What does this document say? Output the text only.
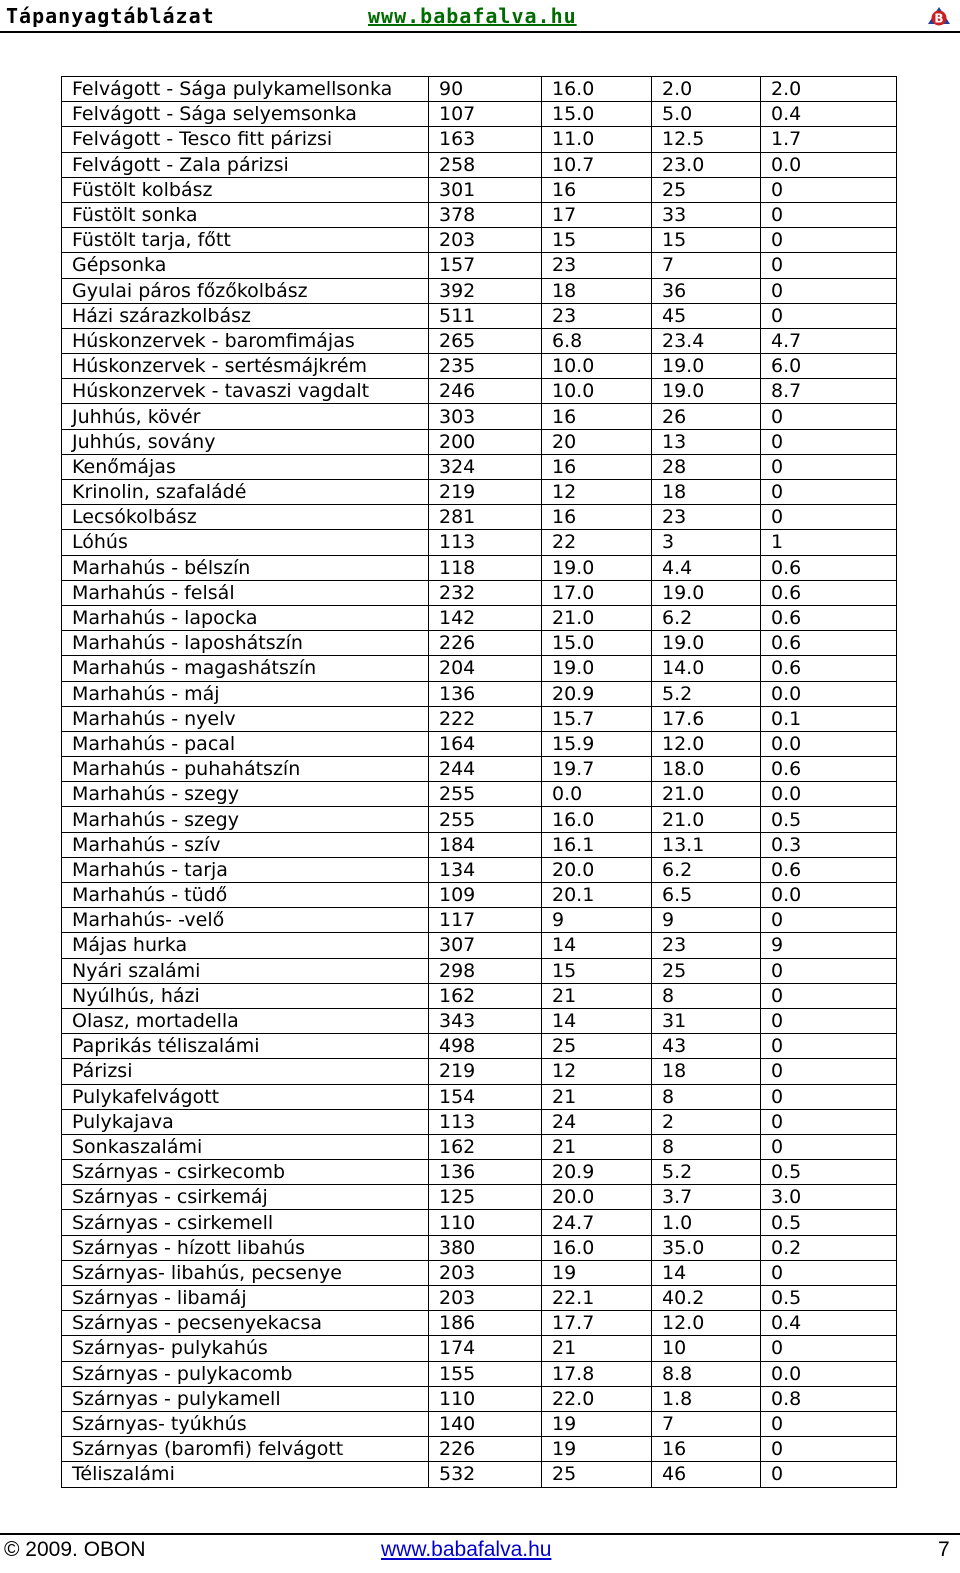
Tápanyagtáblázat	www.babafalva.hu	B
Felvágott - Sága pulykamellsonka	90	16.0	2.0	2.0
Felvágott - Sága selyemsonka	107	15.0	5.0	0.4
Felvágott - Tesco fitt párizsi	163	11.0	12.5	1.7
Felvágott - Zala párizsi	258	10.7	23.0	0.0
Füstölt kolbász	301	16	25	0
Füstölt sonka	378	17	33	0
Füstölt tarja, főtt	203	15	15	0
Gépsonka	157	23	7	0
Gyulai páros főzőkolbász	392	18	36	0
Házi szárazkolbász	511	23	45	0
Húskonzervek - baromfimájas	265	6.8	23.4	4.7
Húskonzervek - sertésmájkrém	235	10.0	19.0	6.0
Húskonzervek - tavaszi vagdalt	246	10.0	19.0	8.7
Juhhús, kövér	303	16	26	0
Juhhús, sovány	200	20	13	0
Kenőmájas	324	16	28	0
Krinolin, szafaládé	219	12	18	0
Lecsókolbász	281	16	23	0
Lóhús	113	22	3	1
Marhahús - bélszín	118	19.0	4.4	0.6
Marhahús - felsál	232	17.0	19.0	0.6
Marhahús - lapocka	142	21.0	6.2	0.6
Marhahús - laposhátszín	226	15.0	19.0	0.6
Marhahús - magashátszín	204	19.0	14.0	0.6
Marhahús - máj	136	20.9	5.2	0.0
Marhahús - nyelv	222	15.7	17.6	0.1
Marhahús - pacal	164	15.9	12.0	0.0
Marhahús - puhahátszín	244	19.7	18.0	0.6
Marhahús - szegy	255	0.0	21.0	0.0
Marhahús - szegy	255	16.0	21.0	0.5
Marhahús - szív	184	16.1	13.1	0.3
Marhahús - tarja	134	20.0	6.2	0.6
Marhahús - tüdő	109	20.1	6.5	0.0
Marhahús- -velő	117	9	9	0
Májas hurka	307	14	23	9
Nyári szalámi	298	15	25	0
Nyúlhús, házi	162	21	8	0
Olasz, mortadella	343	14	31	0
Paprikás téliszalámi	498	25	43	0
Párizsi	219	12	18	0
Pulykafelvágott	154	21	8	0
Pulykajava	113	24	2	0
Sonkaszalámi	162	21	8	0
Szárnyas - csirkecomb	136	20.9	5.2	0.5
Szárnyas - csirkemáj	125	20.0	3.7	3.0
Szárnyas - csirkemell	110	24.7	1.0	0.5
Szárnyas - hízott libahús	380	16.0	35.0	0.2
Szárnyas- libahús, pecsenye	203	19	14	0
Szárnyas - libamáj	203	22.1	40.2	0.5
Szárnyas - pecsenyekacsa	186	17.7	12.0	0.4
Szárnyas- pulykahús	174	21	10	0
Szárnyas - pulykacomb	155	17.8	8.8	0.0
Szárnyas - pulykamell	110	22.0	1.8	0.8
Szárnyas- tyúkhús	140	19	7	0
Szárnyas (baromfi) felvágott	226	19	16	0
Téliszalámi	532	25	46	0
© 2009. OBON	www.babafalva.hu	7
